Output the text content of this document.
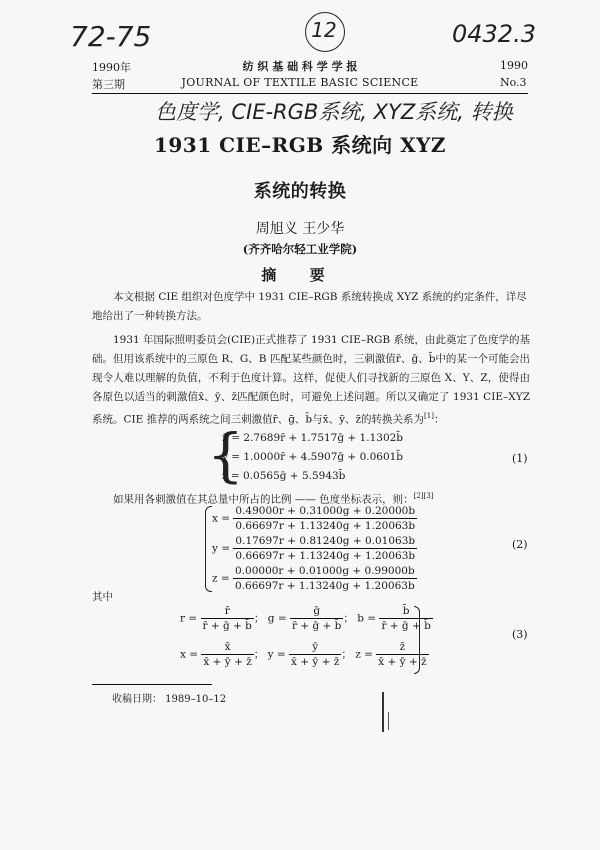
72-75	12	0432.3
1990年	纺 织 基 础 科 学 学 报	1990
第三期	JOURNAL OF TEXTILE BASIC SCIENCE	No.3
色度学, CIE-RGB系统, XYZ系统, 转换
1931 CIE–RGB 系统向 XYZ
系统的转换
周旭义 王少华
(齐齐哈尔轻工业学院)
摘 要

本文根据 CIE 组织对色度学中 1931 CIE–RGB 系统转换成 XYZ 系统的约定条件，详尽地给出了一种转换方法。

1931 年国际照明委员会(CIE)正式推荐了 1931 CIE–RGB 系统，由此奠定了色度学的基础。但用该系统中的三原色 R、G、B 匹配某些颜色时，三刺激值r̄、ḡ、b̄中的某一个可能会出现令人难以理解的负值，不利于色度计算。这样，促使人们寻找新的三原色 X、Y、Z，使得由各原色以适当的刺激值x̄、ȳ、z̄匹配颜色时，可避免上述问题。所以又确定了 1931 CIE–XYZ 系统。CIE 推荐的两系统之间三刺激值r̄、ḡ、b̄与x̄、ȳ、z̄的转换关系为[1]：

{
x̄ = 2.7689r̄ + 1.7517ḡ + 1.1302b̄
ȳ = 1.0000r̄ + 4.5907ḡ + 0.0601b̄
z̄ = 0.0565ḡ + 5.5943b̄
(1)

如果用各刺激值在其总量中所占的比例 —— 色度坐标表示，则：[2][3]

$x = \frac{0.49000r + 0.31000g + 0.20000b}{0.66697r + 1.13240g + 1.20063b}$
$y = \frac{0.17697r + 0.81240g + 0.01063b}{0.66697r + 1.13240g + 1.20063b}$
$z = \frac{0.00000r + 0.01000g + 0.99000b}{0.66697r + 1.13240g + 1.20063b}$
(2)
其中
$r = \frac{r̄}{\text{r̄ + ḡ + b̄}}$ ； $g = \frac{\text{ḡ}}{\text{r̄ + ḡ + b̄}}$ ； $b = \frac{b̄}{\text{r̄ + ḡ + b̄}}$
$x = \frac{x̄}{x̄ + ȳ + z̄}$ ； $y = \frac{ȳ}{x̄ + ȳ + z̄}$ ； $z = \frac{z̄}{x̄ + ȳ + z̄}$
(3)
收稿日期： 1989–10–12
